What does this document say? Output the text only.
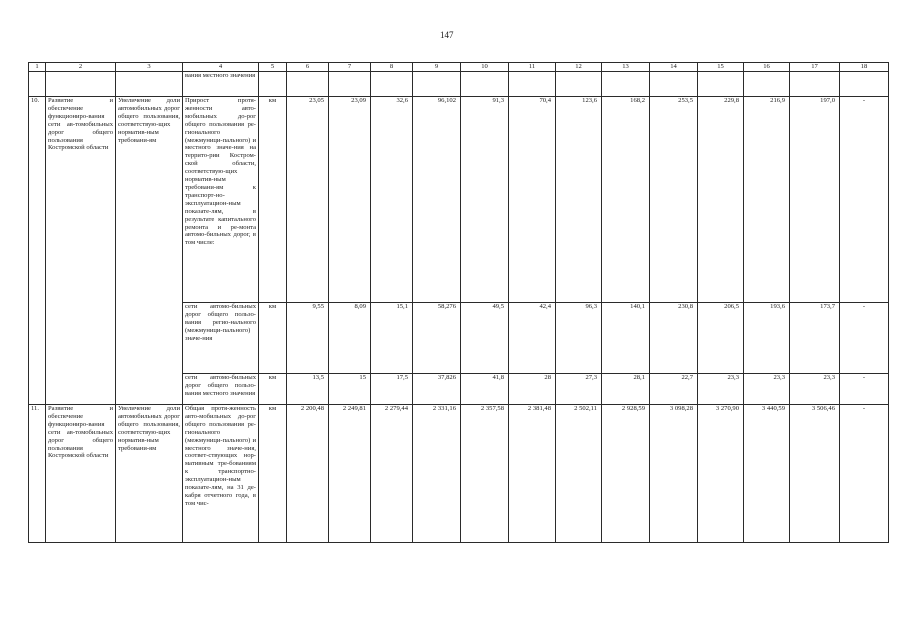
147
1	2	3	4	5	6	7	8	9	10	11	12	13	14	15	16	17	18
			вания местного значения														
10.	Развитие и обеспечение функциониро-вания сети ав-томобильных дорог общего пользования Костромской области	Увеличение доли автомобильных дорог общего пользования, соответствую-щих норматив-ным требовани-ям	Прирост протя-женности авто-мобильных до-рог общего пользования ре-гионального (межмуници-пального) и местного значе-ния на террито-рии Костром-ской области, соответствую-щих норматив-ным требовани-ям к транспорт-но-эксплуатацион-ным показате-лям, в результате капитального ремонта и ре-монта автомо-бильных дорог, в том числе:	км	23,05	23,09	32,6	96,102	91,3	70,4	123,6	168,2	253,5	229,8	216,9	197,0	-
			сети автомо-бильных дорог общего пользо-вания регио-нального (межмуници-пального) значе-ния	км	9,55	8,09	15,1	58,276	49,5	42,4	96,3	140,1	230,8	206,5	193,6	173,7	-
			сети автомо-бильных дорог общего пользо-вания местного значения	км	13,5	15	17,5	37,826	41,8	28	27,3	28,1	22,7	23,3	23,3	23,3	-
11.	Развитие и обеспечение функциониро-вания сети ав-томобильных дорог общего пользования Костромской области	Увеличение доли автомобильных дорог общего пользования, соответствую-щих норматив-ным требовани-ям	Общая протя-женность авто-мобильных до-рог общего пользования ре-гионального (межмуници-пального) и местного значе-ния, соответ-ствующих нор-мативным тре-бованиям к транспортно-эксплуатацион-ным показате-лям, на 31 де-кабря отчетного года, в том чис-	км	2 200,48	2 249,81	2 279,44	2 331,16	2 357,58	2 381,48	2 502,11	2 928,59	3 098,28	3 270,90	3 440,59	3 506,46	-
